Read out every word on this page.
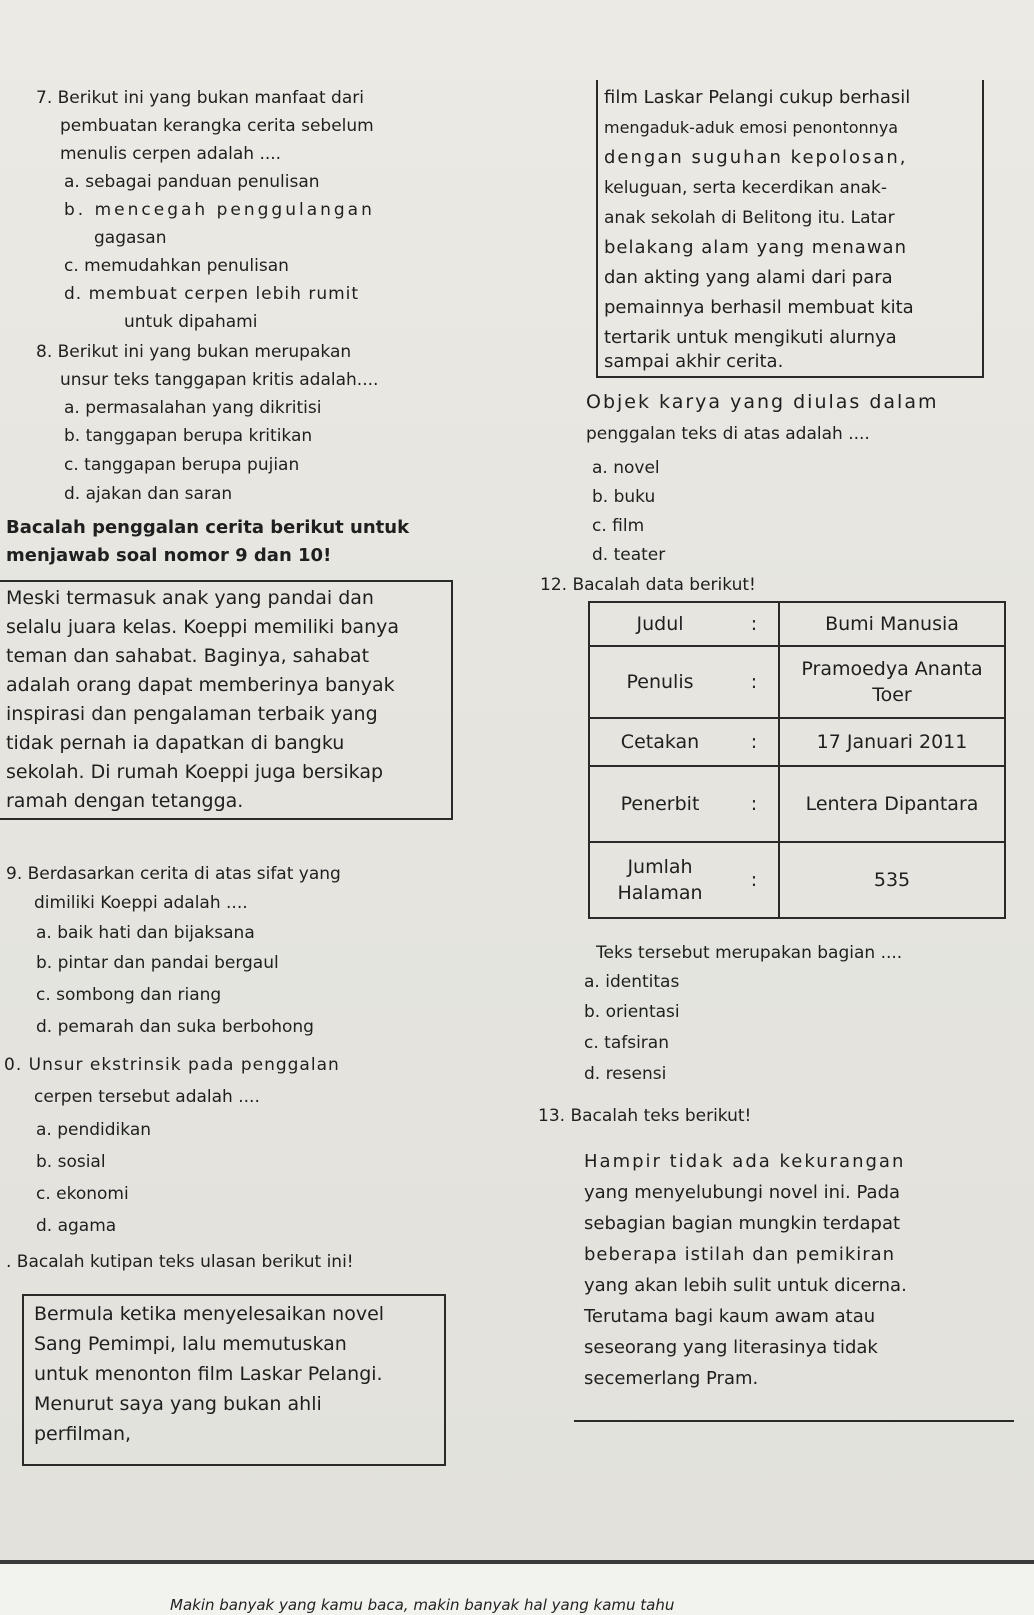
7. Berikut ini yang bukan manfaat dari
pembuatan kerangka cerita sebelum
menulis cerpen adalah ....
a. sebagai panduan penulisan
b. mencegah penggulangan
gagasan
c. memudahkan penulisan
d. membuat cerpen lebih rumit
untuk dipahami
8. Berikut ini yang bukan merupakan
unsur teks tanggapan kritis adalah....
a. permasalahan yang dikritisi
b. tanggapan berupa kritikan
c. tanggapan berupa pujian
d. ajakan dan saran
Bacalah penggalan cerita berikut untuk
menjawab soal nomor 9 dan 10!
Meski termasuk anak yang pandai dan
selalu juara kelas. Koeppi memiliki banya
teman dan sahabat. Baginya, sahabat
adalah orang dapat memberinya banyak
inspirasi dan pengalaman terbaik yang
tidak pernah ia dapatkan di bangku
sekolah. Di rumah Koeppi juga bersikap
ramah dengan tetangga.
9. Berdasarkan cerita di atas sifat yang
dimiliki Koeppi adalah ....
a. baik hati dan bijaksana
b. pintar dan pandai bergaul
c. sombong dan riang
d. pemarah dan suka berbohong
0. Unsur ekstrinsik pada penggalan
cerpen tersebut adalah ....
a. pendidikan
b. sosial
c. ekonomi
d. agama
. Bacalah kutipan teks ulasan berikut ini!
Bermula ketika menyelesaikan novel
Sang Pemimpi, lalu memutuskan
untuk menonton film Laskar Pelangi.
Menurut saya yang bukan ahli
perfilman,
film Laskar Pelangi cukup berhasil
mengaduk-aduk emosi penontonnya
dengan suguhan kepolosan,
keluguan, serta kecerdikan anak-
anak sekolah di Belitong itu. Latar
belakang alam yang menawan
dan akting yang alami dari para
pemainnya berhasil membuat kita
tertarik untuk mengikuti alurnya
sampai akhir cerita.
Objek karya yang diulas dalam
penggalan teks di atas adalah ....
a. novel
b. buku
c. film
d. teater
12. Bacalah data berikut!
Judul	:	Bumi Manusia
Penulis	:	Pramoedya Ananta Toer
Cetakan	:	17 Januari 2011
Penerbit	:	Lentera Dipantara
Jumlah Halaman	:	535
Teks tersebut merupakan bagian ....
a. identitas
b. orientasi
c. tafsiran
d. resensi
13. Bacalah teks berikut!
Hampir tidak ada kekurangan
yang menyelubungi novel ini. Pada
sebagian bagian mungkin terdapat
beberapa istilah dan pemikiran
yang akan lebih sulit untuk dicerna.
Terutama bagi kaum awam atau
seseorang yang literasinya tidak
secemerlang Pram.
Makin banyak yang kamu baca, makin banyak hal yang kamu tahu
